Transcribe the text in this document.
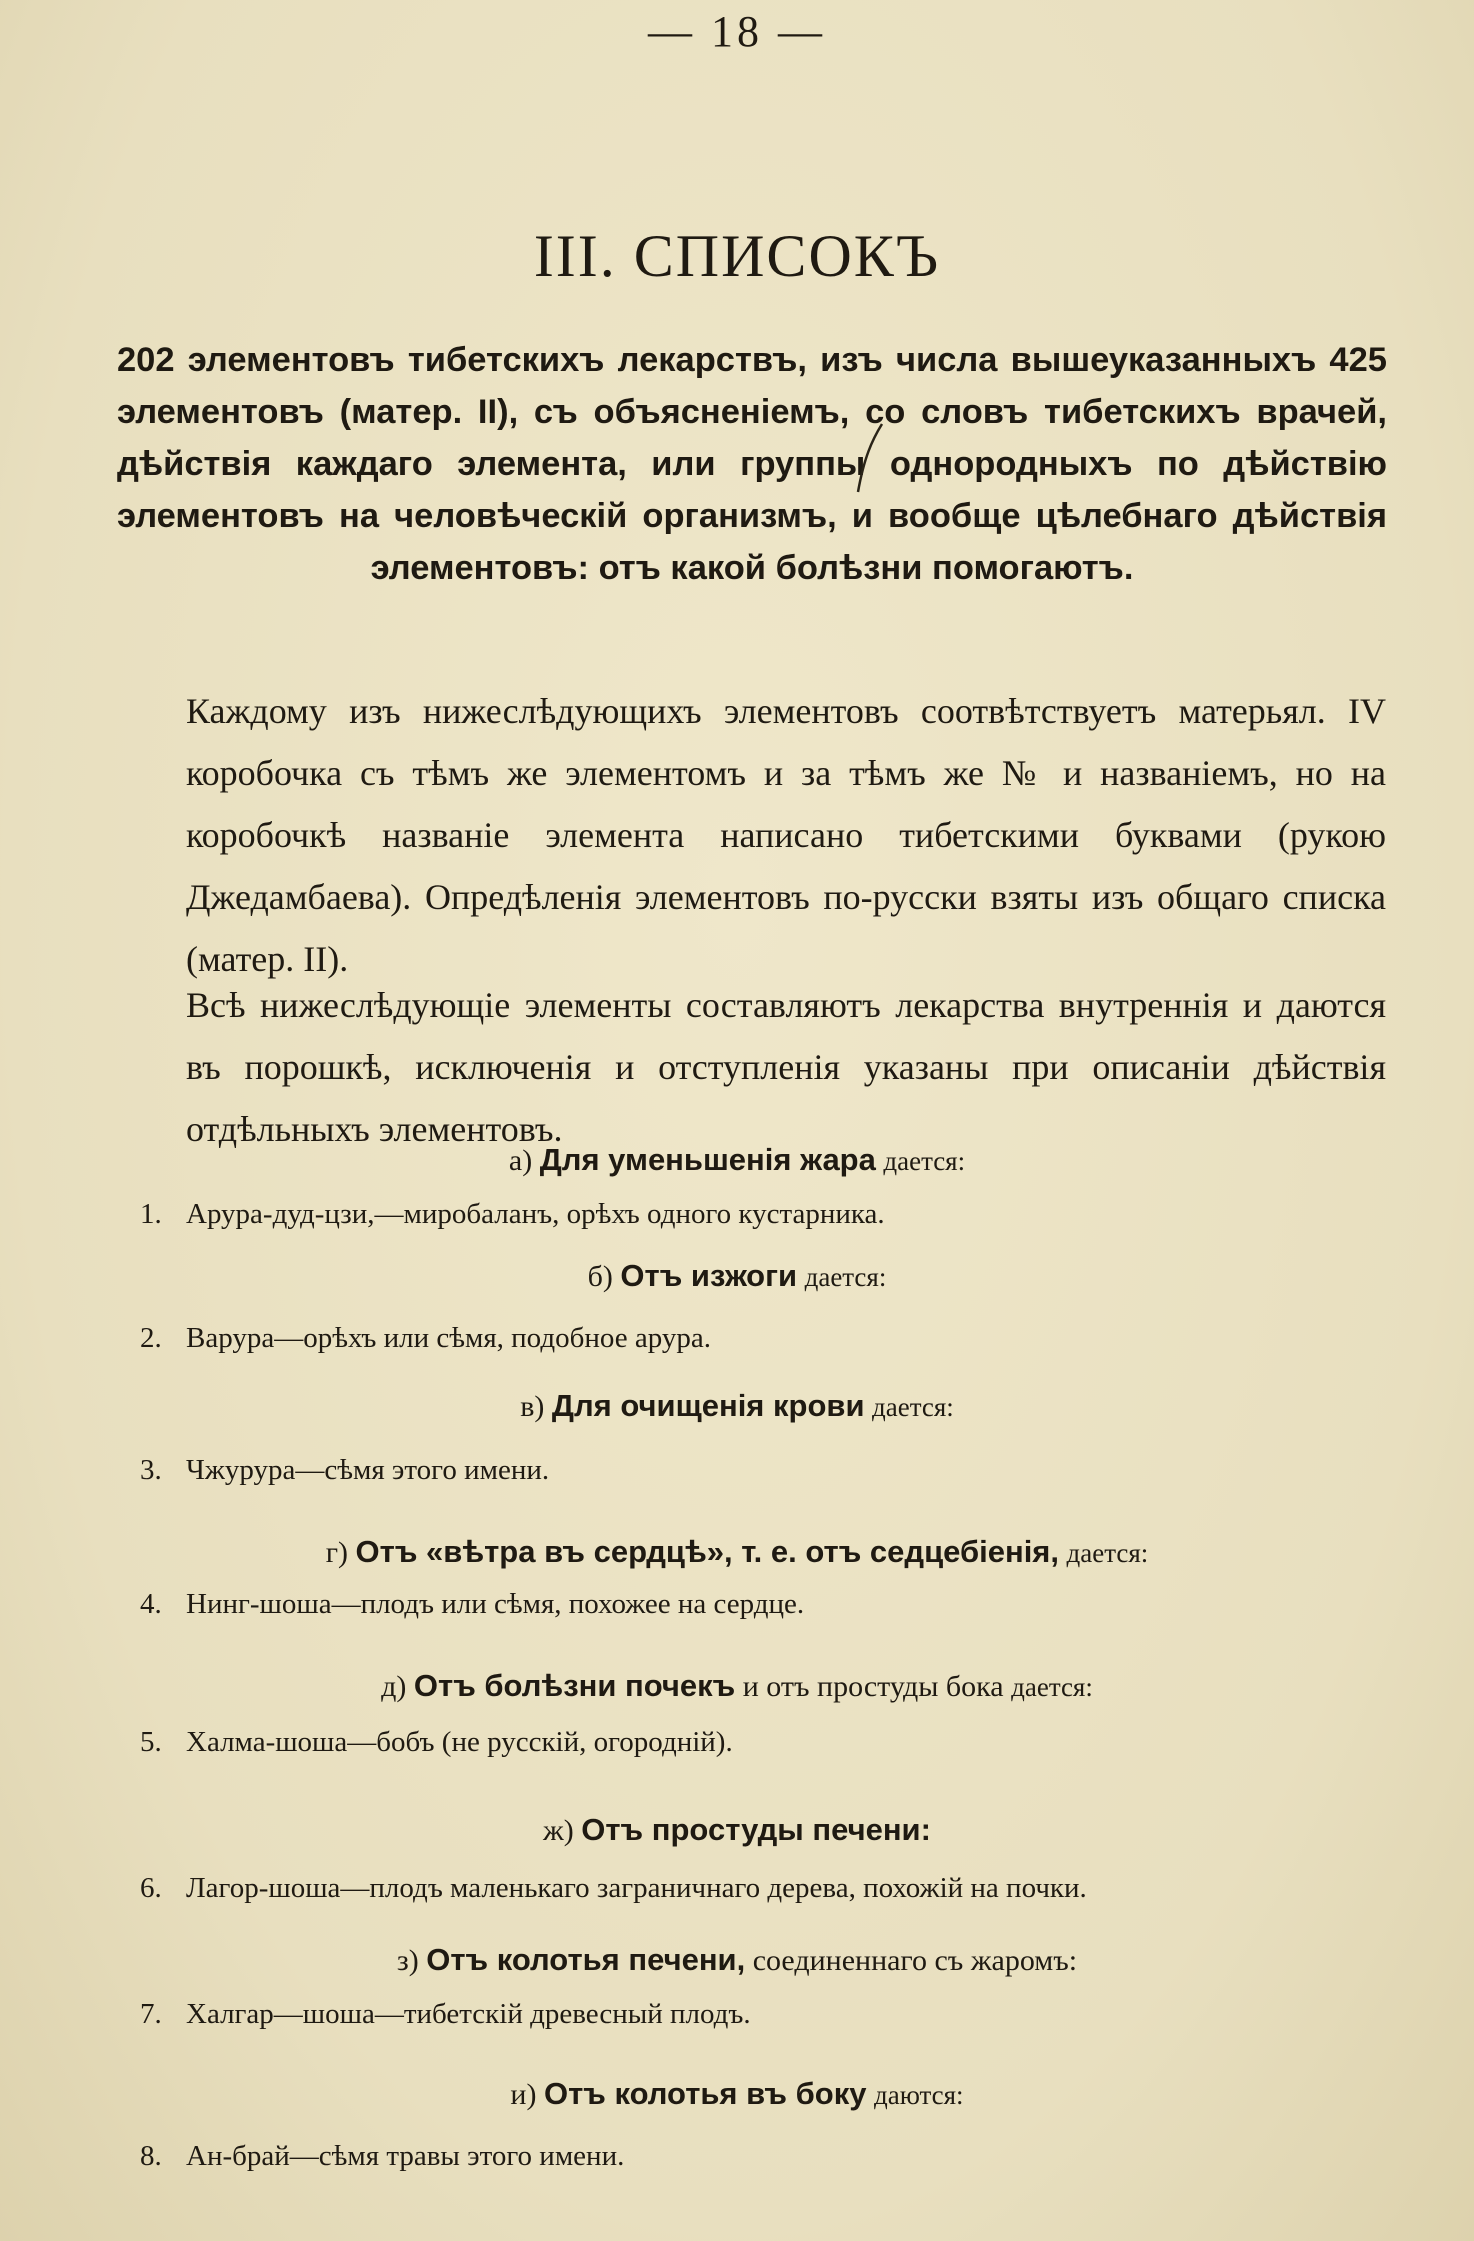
— 18 —
III. СПИСОКЪ
202 элементовъ тибетскихъ лекарствъ, изъ числа вышеуказанныхъ 425 элементовъ (матер. II), съ объясненіемъ, со словъ тибетскихъ врачей, дѣйствія каждаго элемента, или группы однородныхъ по дѣйствію элементовъ на человѣческій организмъ, и вообще цѣлебнаго дѣйствія элементовъ: отъ какой болѣзни помогаютъ.

Каждому изъ нижеслѣдующихъ элементовъ соотвѣтствуетъ матерьял. IV коробочка съ тѣмъ же элементомъ и за тѣмъ же № и названіемъ, но на коробочкѣ названіе элемента написано тибетскими буквами (рукою Джедамбаева). Опредѣленія элементовъ по-русски взяты изъ общаго списка (матер. II).

Всѣ нижеслѣдующіе элементы составляютъ лекарства внутреннія и даются въ порошкѣ, исключенія и отступленія указаны при описаніи дѣйствія отдѣльныхъ элементовъ.

а) Для уменьшенія жара дается:
1. Арура-дуд-цзи,—миробаланъ, орѣхъ одного кустарника.
б) Отъ изжоги дается:
2. Варура—орѣхъ или сѣмя, подобное арура.
в) Для очищенія крови дается:
3. Чжурура—сѣмя этого имени.
г) Отъ «вѣтра въ сердцѣ», т. е. отъ седцебіенія, дается:
4. Нинг-шоша—плодъ или сѣмя, похожее на сердце.
д) Отъ болѣзни почекъ и отъ простуды бока дается:
5. Халма-шоша—бобъ (не русскій, огородній).
ж) Отъ простуды печени:
6. Лагор-шоша—плодъ маленькаго заграничнаго дерева, похожій на почки.
з) Отъ колотья печени, соединеннаго съ жаромъ:
7. Халгар—шоша—тибетскій древесный плодъ.
и) Отъ колотья въ боку даются:
8. Ан-брай—сѣмя травы этого имени.
